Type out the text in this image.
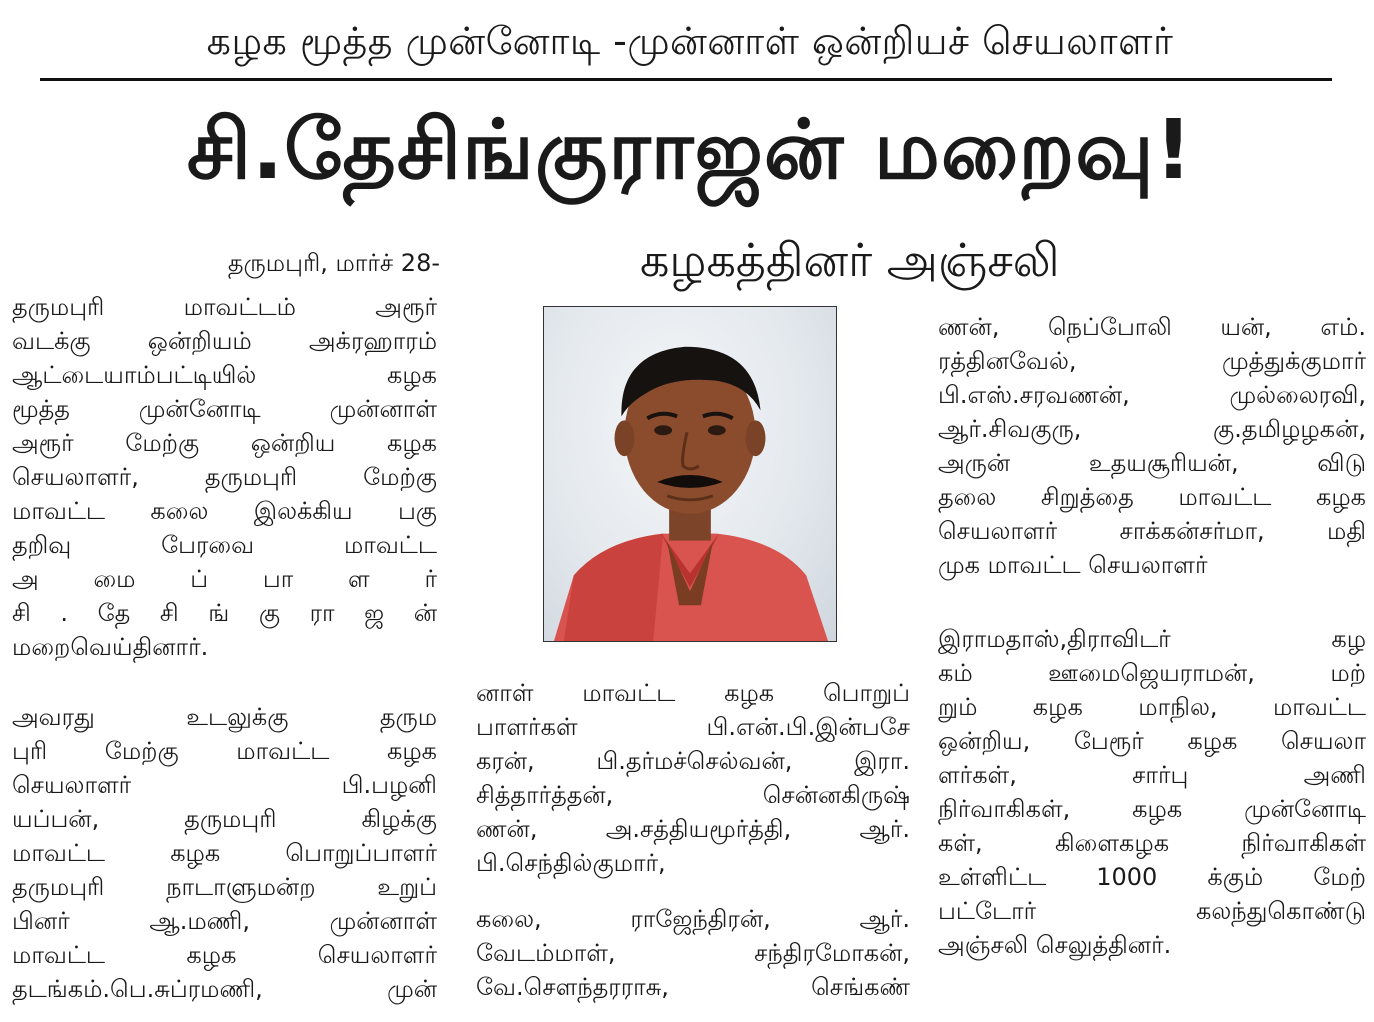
கழக மூத்த முன்னோடி -முன்னாள் ஒன்றியச் செயலாளர்
சி.தேசிங்குராஜன் மறைவு!
கழகத்தினர் அஞ்சலி
தருமபுரி, மார்ச் 28-
தருமபுரி மாவட்டம் அரூர்
வடக்கு ஒன்றியம் அக்ரஹாரம்
ஆட்டையாம்பட்டியில் கழக
மூத்த முன்னோடி முன்னாள்
அரூர் மேற்கு ஒன்றிய கழக
செயலாளர், தருமபுரி மேற்கு
மாவட்ட கலை இலக்கிய பகு
தறிவு பேரவை மாவட்ட
அ மை ப் பா ள ர்
சி . தே சி ங் கு ரா ஜ ன்
மறைவெய்தினார்.
அவரது உடலுக்கு தரும
புரி மேற்கு மாவட்ட கழக
செயலாளர் பி.பழனி
யப்பன், தருமபுரி கிழக்கு
மாவட்ட கழக பொறுப்பாளர்
தருமபுரி நாடாளுமன்ற உறுப்
பினர் ஆ.மணி, முன்னாள்
மாவட்ட கழக செயலாளர்
தடங்கம்.பெ.சுப்ரமணி, முன்
னாள் மாவட்ட கழக பொறுப்
பாளர்கள் பி.என்.பி.இன்பசே
கரன், பி.தர்மச்செல்வன், இரா.
சித்தார்த்தன், சென்னகிருஷ்
ணன், அ.சத்தியமூர்த்தி, ஆர்.
பி.செந்தில்குமார்,
கலை, ராஜேந்திரன், ஆர்.
வேடம்மாள், சந்திரமோகன்,
வே.சௌந்தரராசு, செங்கண்
ணன், நெப்போலி யன், எம்.
ரத்தினவேல், முத்துக்குமார்
பி.எஸ்.சரவணன், முல்லைரவி,
ஆர்.சிவகுரு, கு.தமிழழகன்,
அருன் உதயசூரியன், விடு
தலை சிறுத்தை மாவட்ட கழக
செயலாளர் சாக்கன்சர்மா, மதி
முக மாவட்ட செயலாளர்
இராமதாஸ்,திராவிடர் கழ
கம் ஊமைஜெயராமன், மற்
றும் கழக மாநில, மாவட்ட
ஒன்றிய, பேரூர் கழக செயலா
ளர்கள், சார்பு அணி
நிர்வாகிகள், கழக முன்னோடி
கள், கிளைகழக நிர்வாகிகள்
உள்ளிட்ட 1000 க்கும் மேற்
பட்டோர் கலந்துகொண்டு
அஞ்சலி செலுத்தினர்.
